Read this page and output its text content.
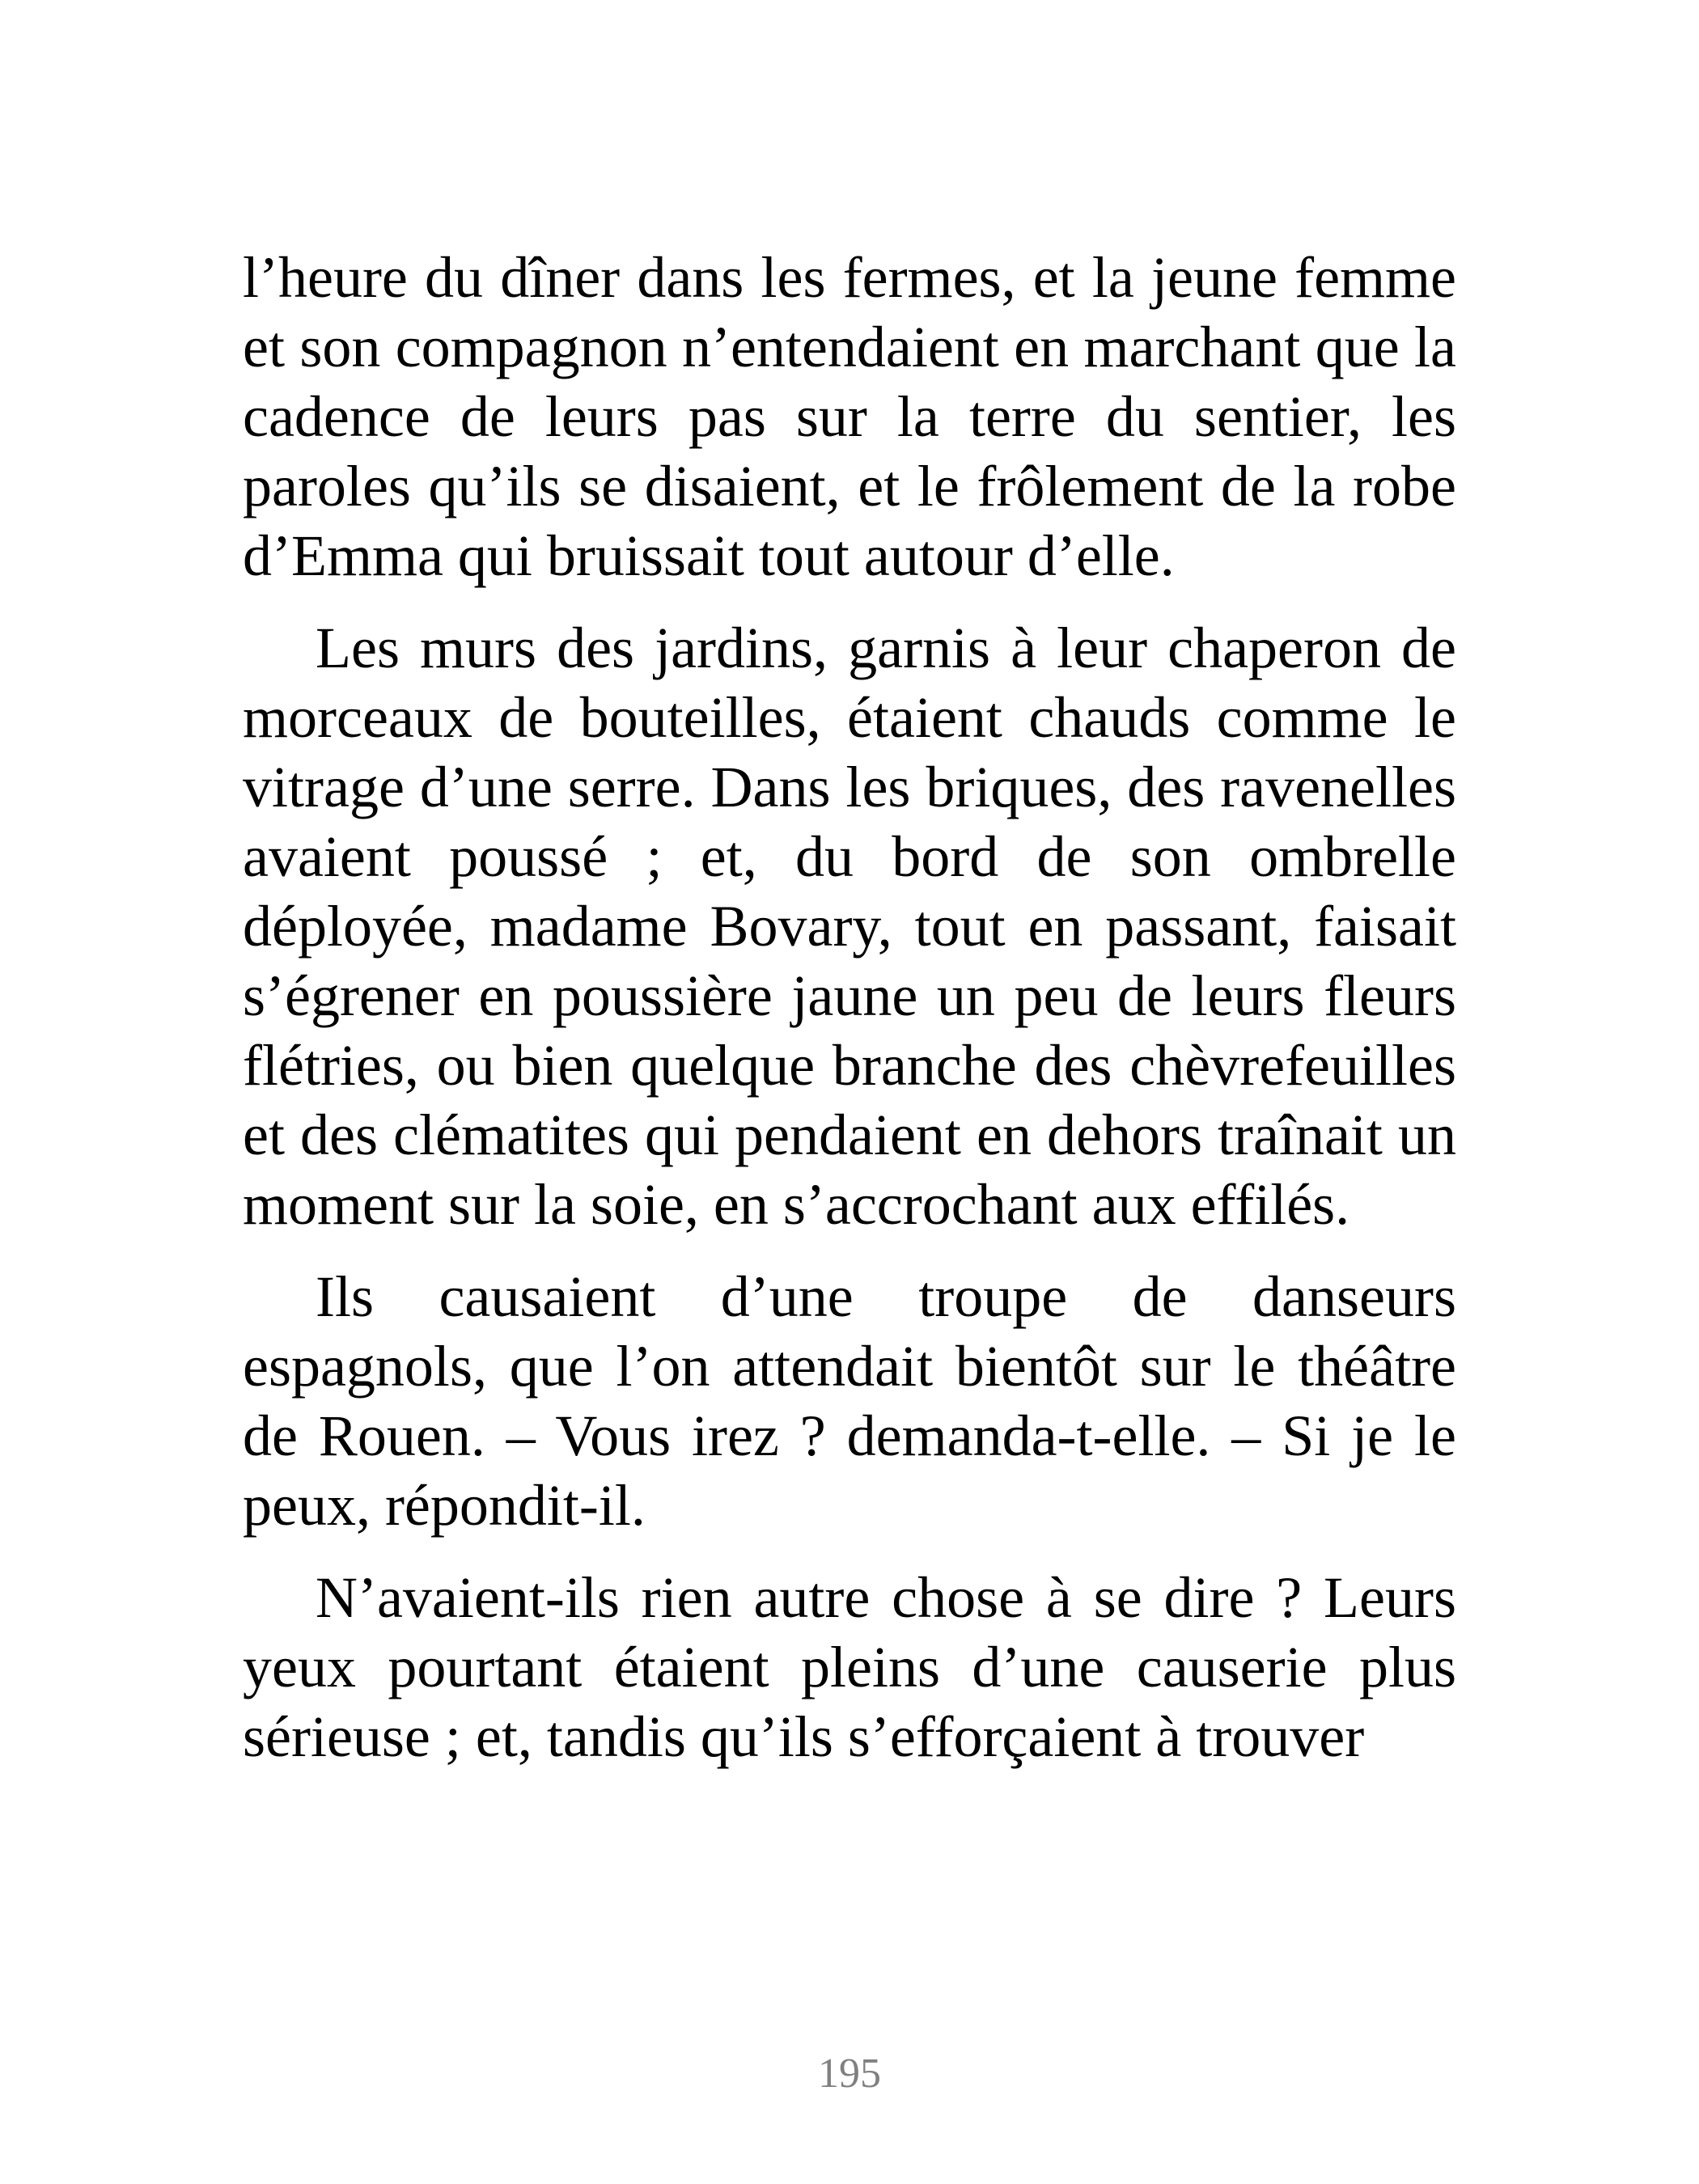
l’heure du dîner dans les fermes, et la jeune femme et son compagnon n’entendaient en marchant que la cadence de leurs pas sur la terre du sentier, les paroles qu’ils se disaient, et le frôlement de la robe d’Emma qui bruissait tout autour d’elle.

Les murs des jardins, garnis à leur chaperon de morceaux de bouteilles, étaient chauds comme le vitrage d’une serre. Dans les briques, des ravenelles avaient poussé ; et, du bord de son ombrelle déployée, madame Bovary, tout en passant, faisait s’égrener en poussière jaune un peu de leurs fleurs flétries, ou bien quelque branche des chèvrefeuilles et des clématites qui pendaient en dehors traînait un moment sur la soie, en s’accrochant aux effilés.

Ils causaient d’une troupe de danseurs espagnols, que l’on attendait bientôt sur le théâtre de Rouen. – Vous irez ? demanda-t-elle. – Si je le peux, répondit-il.

N’avaient-ils rien autre chose à se dire ? Leurs yeux pourtant étaient pleins d’une causerie plus sérieuse ; et, tandis qu’ils s’efforçaient à trouver

195
